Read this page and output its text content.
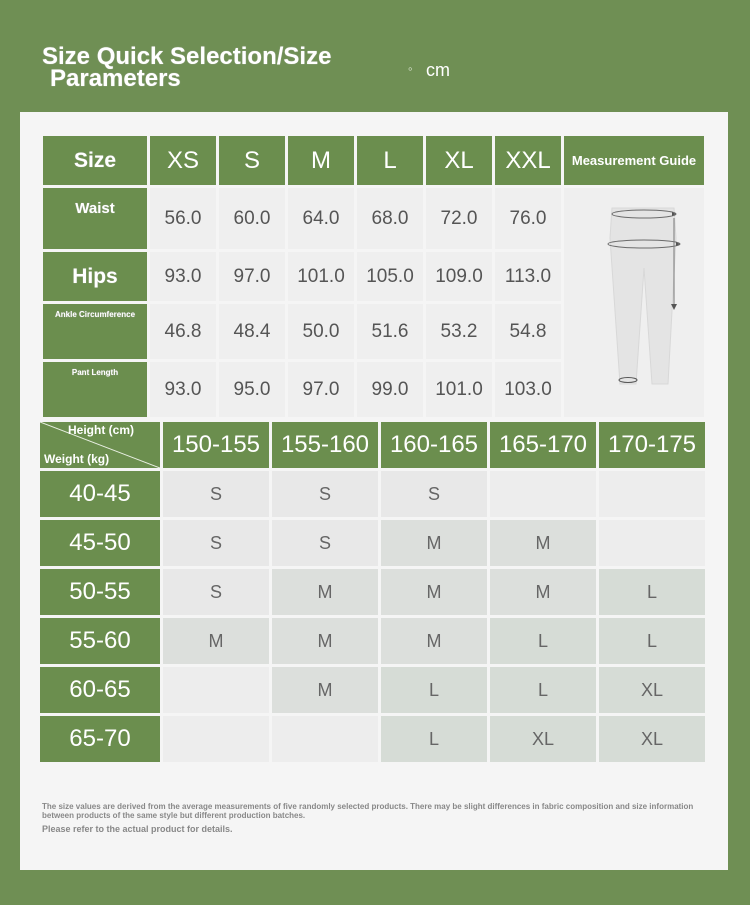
Size Quick Selection/Size
Parameters	◦ cm
Size	XS	S	M	L	XL	XXL	Measurement Guide
Waist	56.0	60.0	64.0	68.0	72.0	76.0	
Hips	93.0	97.0	101.0	105.0	109.0	113.0	
Ankle Circumference	46.8	48.4	50.0	51.6	53.2	54.8	
Pant Length	93.0	95.0	97.0	99.0	101.0	103.0	
Height (cm)
Weight (kg)	150-155	155-160	160-165	165-170	170-175
40-45	S	S	S		
45-50	S	S	M	M	
50-55	S	M	M	M	L
55-60	M	M	M	L	L
60-65		M	L	L	XL
65-70			L	XL	XL
The size values are derived from the average measurements of five randomly selected products. There may be slight differences in fabric composition and size information between products of the same style but different production batches.
Please refer to the actual product for details.
